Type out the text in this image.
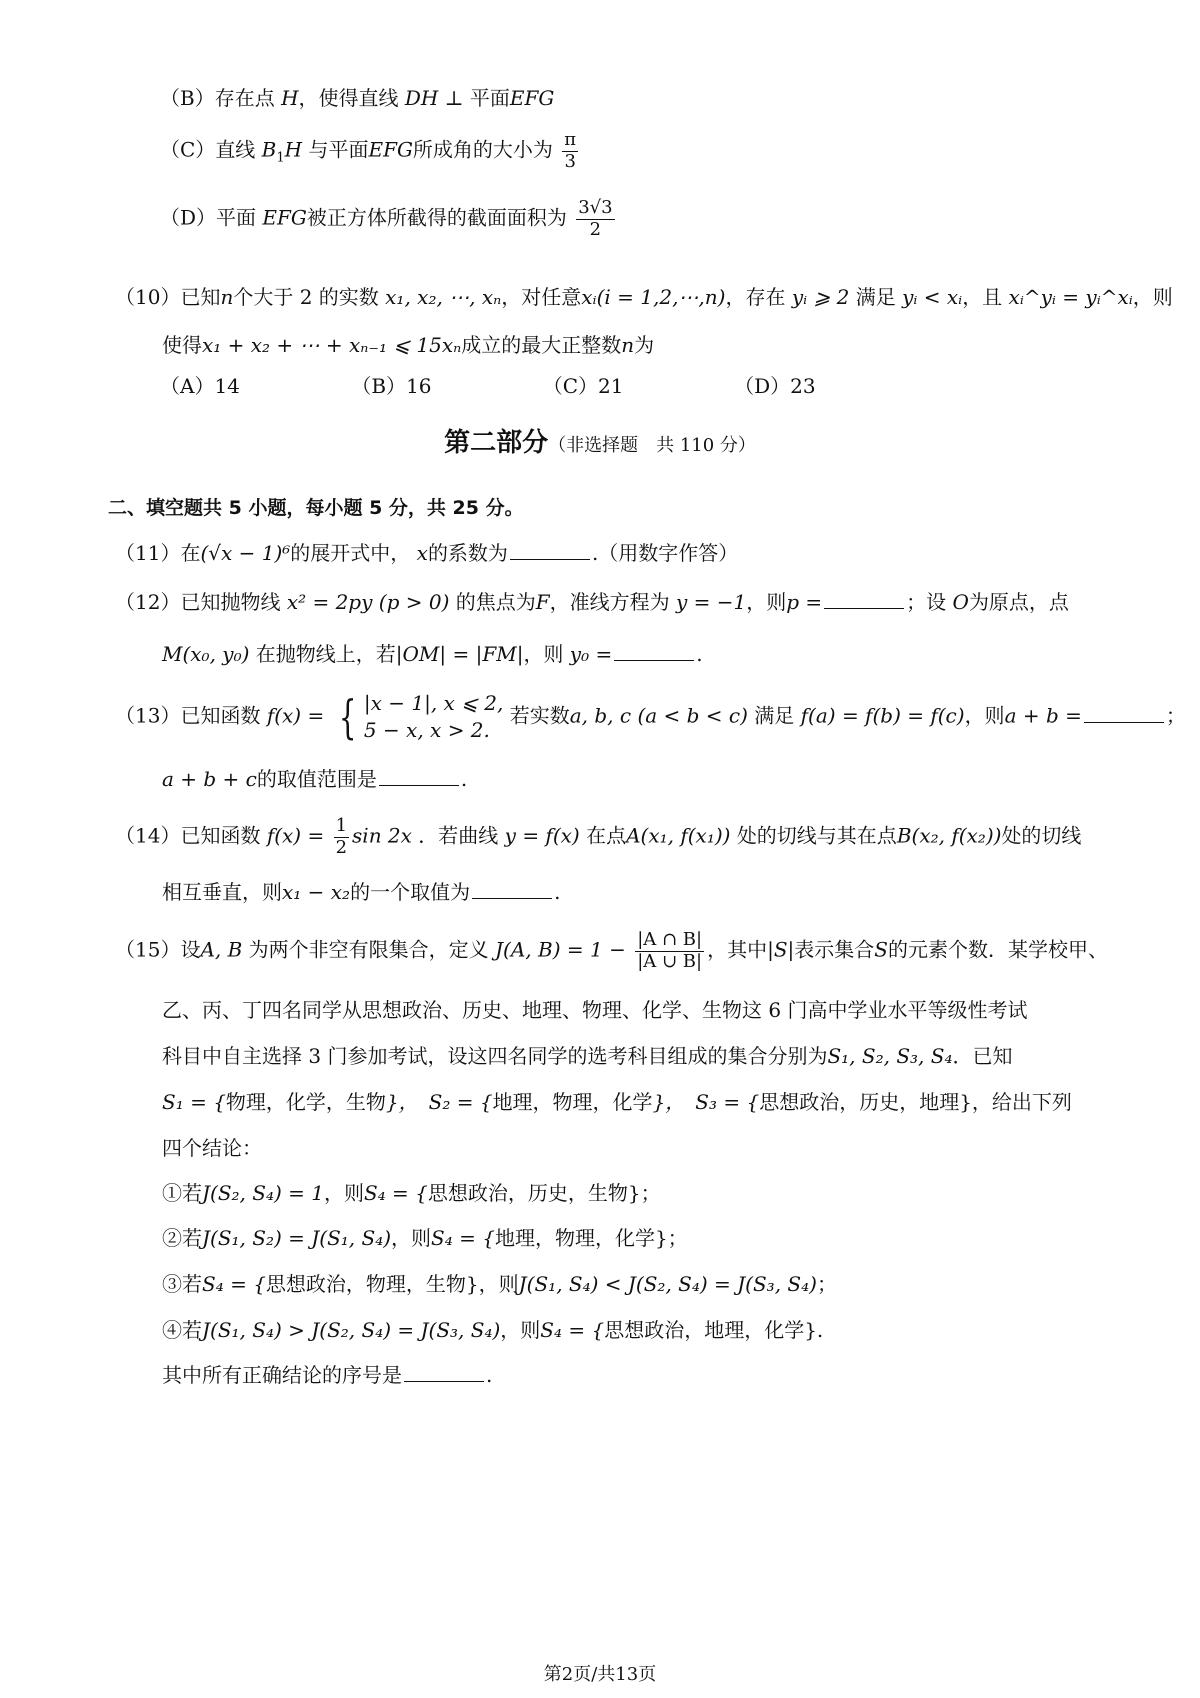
（B）存在点 H，使得直线 DH ⊥ 平面EFG
（C）直线 $B_1H$ 与平面EFG所成角的大小为 $\frac{\pi}{3}$
（D）平面 EFG被正方体所截得的截面面积为 $\frac{3√3}{2}$
（10）已知n个大于 2 的实数 x₁, x₂, ⋯, xₙ，对任意xᵢ(i = 1,2,⋯,n)，存在 yᵢ ⩾ 2 满足 yᵢ < xᵢ，且 xᵢ^yᵢ = yᵢ^xᵢ，则
使得x₁ + x₂ + ⋯ + xₙ₋₁ ⩽ 15xₙ成立的最大正整数n为
（A）14	（B）16	（C）21	（D）23
第二部分（非选择题　共 110 分）
二、填空题共 5 小题，每小题 5 分，共 25 分。
（11）在(√x − 1)⁶的展开式中， x的系数为	.（用数字作答）
（12）已知抛物线 x² = 2py (p > 0) 的焦点为F，准线方程为 y = −1，则p =	；设 O为原点，点
M(x₀, y₀) 在抛物线上，若|OM| = |FM|，则 y₀ =	.
（13）已知函数 f(x) = { |x − 1|, x ⩽ 2,
5 − x, x > 2.
若实数a, b, c (a < b < c) 满足 f(a) = f(b) = f(c)，则a + b =	；
a + b + c的取值范围是	.
（14）已知函数 $f(x) = \frac{1}{2}$ sin 2x ．若曲线 y = f(x) 在点A(x₁, f(x₁)) 处的切线与其在点B(x₂, f(x₂))处的切线
相互垂直，则x₁ − x₂的一个取值为	.
（15）设A, B 为两个非空有限集合，定义 J(A, $B) = 1 - \frac{|A \cap B|}{|A \cup B|}$ ，其中|S|表示集合S的元素个数．某学校甲、
乙、丙、丁四名同学从思想政治、历史、地理、物理、化学、生物这 6 门高中学业水平等级性考试
科目中自主选择 3 门参加考试，设这四名同学的选考科目组成的集合分别为S₁, S₂, S₃, S₄．已知
S₁ = {物理，化学，生物}，　S₂ = {地理，物理，化学}，　S₃ = {思想政治，历史，地理}，给出下列
四个结论：
①若J(S₂, S₄) = 1，则S₄ = {思想政治，历史，生物}；
②若J(S₁, S₂) = J(S₁, S₄)，则S₄ = {地理，物理，化学}；
③若S₄ = {思想政治，物理，生物}，则J(S₁, S₄) < J(S₂, S₄) = J(S₃, S₄)；
④若J(S₁, S₄) > J(S₂, S₄) = J(S₃, S₄)，则S₄ = {思想政治，地理，化学}.
其中所有正确结论的序号是	.
第2页/共13页
